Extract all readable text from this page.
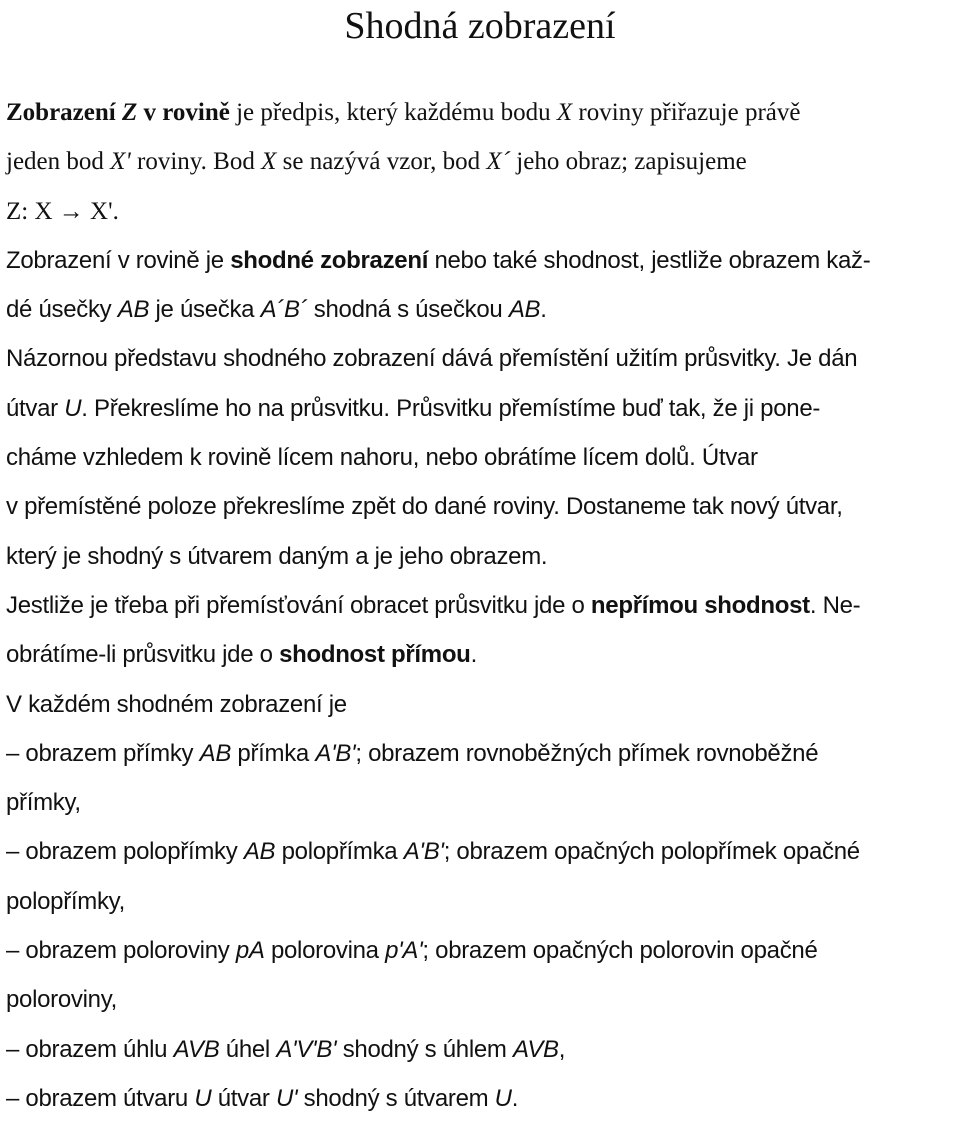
Shodná zobrazení
Zobrazení Z v rovině je předpis, který každému bodu X roviny přiřazuje právě
jeden bod X' roviny. Bod X se nazývá vzor, bod X´ jeho obraz; zapisujeme
Z: X → X'.
Zobrazení v rovině je shodné zobrazení nebo také shodnost, jestliže obrazem kaž-
dé úsečky AB je úsečka A´B´ shodná s úsečkou AB.
Názornou představu shodného zobrazení dává přemístění užitím průsvitky. Je dán
útvar U. Překreslíme ho na průsvitku. Průsvitku přemístíme buď tak, že ji pone-
cháme vzhledem k rovině lícem nahoru, nebo obrátíme lícem dolů. Útvar
v přemístěné poloze překreslíme zpět do dané roviny. Dostaneme tak nový útvar,
který je shodný s útvarem daným a je jeho obrazem.
Jestliže je třeba při přemísťování obracet průsvitku jde o nepřímou shodnost. Ne-
obrátíme-li průsvitku jde o shodnost přímou.
V každém shodném zobrazení je
– obrazem přímky AB přímka A'B'; obrazem rovnoběžných přímek rovnoběžné
přímky,
– obrazem polopřímky AB polopřímka A'B'; obrazem opačných polopřímek opačné
polopřímky,
– obrazem poloroviny pA polorovina p'A'; obrazem opačných polorovin opačné
poloroviny,
– obrazem úhlu AVB úhel A'V'B' shodný s úhlem AVB,
– obrazem útvaru U útvar U' shodný s útvarem U.
